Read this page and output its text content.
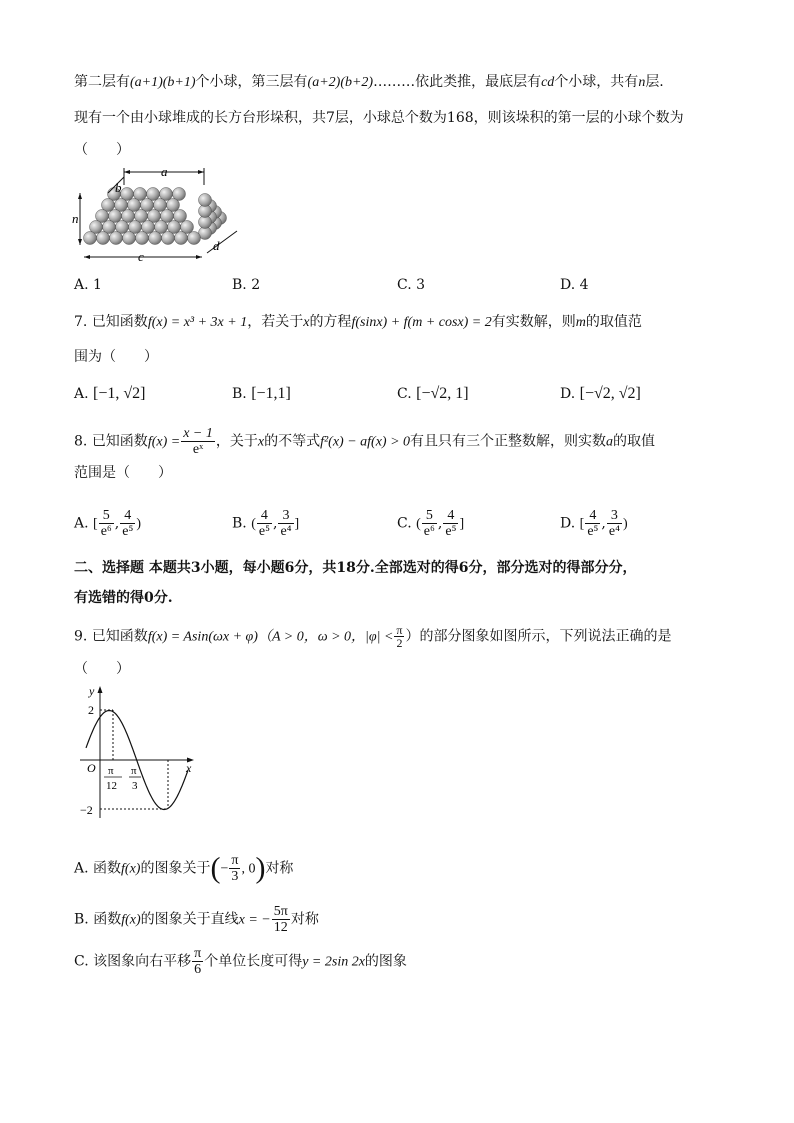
第二层有(a+1)(b+1)个小球，第三层有(a+2)(b+2)………依此类推，最底层有cd个小球，共有n层.
现有一个由小球堆成的长方台形垛积，共7层，小球总个数为168，则该垛积的第一层的小球个数为
（　　）
a
b
n
c
d
A. 1	B. 2	C. 3	D. 4
7. 已知函数f(x) = x³ + 3x + 1，若关于x的方程f(sinx) + f(m + cosx) = 2有实数解，则m的取值范
围为（　　）
A. [−1, √2]	B. [−1,1]	C. [−√2, 1]	D. [−√2, √2]
8. 已知函数$f(x) = \frac{x - 1}{\text{eˣ}}$ ，关于x的不等式f²(x) − af(x) > 0有且只有三个正整数解，则实数a的取值
范围是（　　）
A. [ $\frac{5}{\text{e⁶}}$ , $\frac{4}{\text{e⁵}}$ )	B. ( $\frac{4}{\text{e⁵}}$ , $\frac{3}{\text{e⁴}}$ ]	C. ( $\frac{5}{\text{e⁶}}$ , $\frac{4}{\text{e⁵}}$ ]	D. [ $\frac{4}{\text{e⁵}}$ , $\frac{3}{\text{e⁴}}$ )
二、选择题 本题共3小题，每小题6分，共18分.全部选对的得6分，部分选对的得部分分，
有选错的得0分.
9. 已知函数f(x) = Asin(ωx + φ)（A > 0，ω > 0，$|\varphi| < \frac{\pi}{2}$ ）的部分图象如图所示，下列说法正确的是
（　　）
y
x
O
2
−2
π
12
π
3
A. 函数f(x)的图象关于(− $\frac{\pi}{3}$ , 0)对称
B. 函数f(x)的图象关于直线x = − $\frac{5\pi}{12}$ 对称
C. 该图象向右平移 $\frac{\pi}{6}$ 个单位长度可得y = 2sin 2x的图象
